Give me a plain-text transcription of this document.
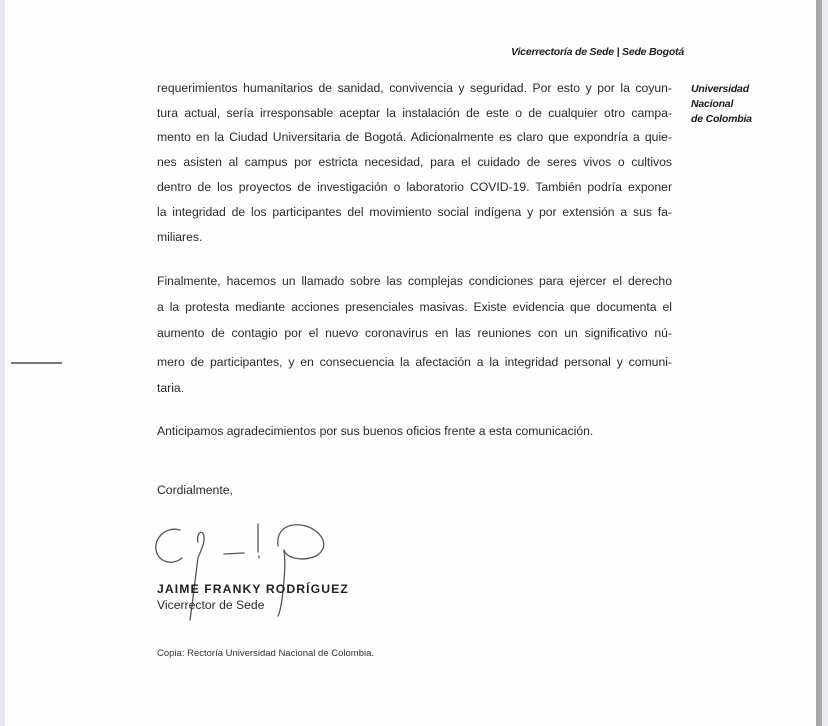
Vicerrectoría de Sede | Sede Bogotá
Universidad
Nacional
de Colombia
requerimientos humanitarios de sanidad, convivencia y seguridad. Por esto y por la coyun-
tura actual, sería irresponsable aceptar la instalación de este o de cualquier otro campa-
mento en la Ciudad Universitaria de Bogotá. Adicionalmente es claro que expondría a quie-
nes asisten al campus por estricta necesidad, para el cuidado de seres vivos o cultivos
dentro de los proyectos de investigación o laboratorio COVID-19. También podría exponer
la integridad de los participantes del movimiento social indígena y por extensión a sus fa-
miliares.
Finalmente, hacemos un llamado sobre las complejas condiciones para ejercer el derecho
a la protesta mediante acciones presenciales masivas. Existe evidencia que documenta el
aumento de contagio por el nuevo coronavirus en las reuniones con un significativo nú-
mero de participantes, y en consecuencia la afectación a la integridad personal y comuni-
taria.
Anticipamos agradecimientos por sus buenos oficios frente a esta comunicación.
Cordialmente,
JAIME FRANKY RODRÍGUEZ
Vicerrector de Sede
Copia: Rectoría Universidad Nacional de Colombia.
